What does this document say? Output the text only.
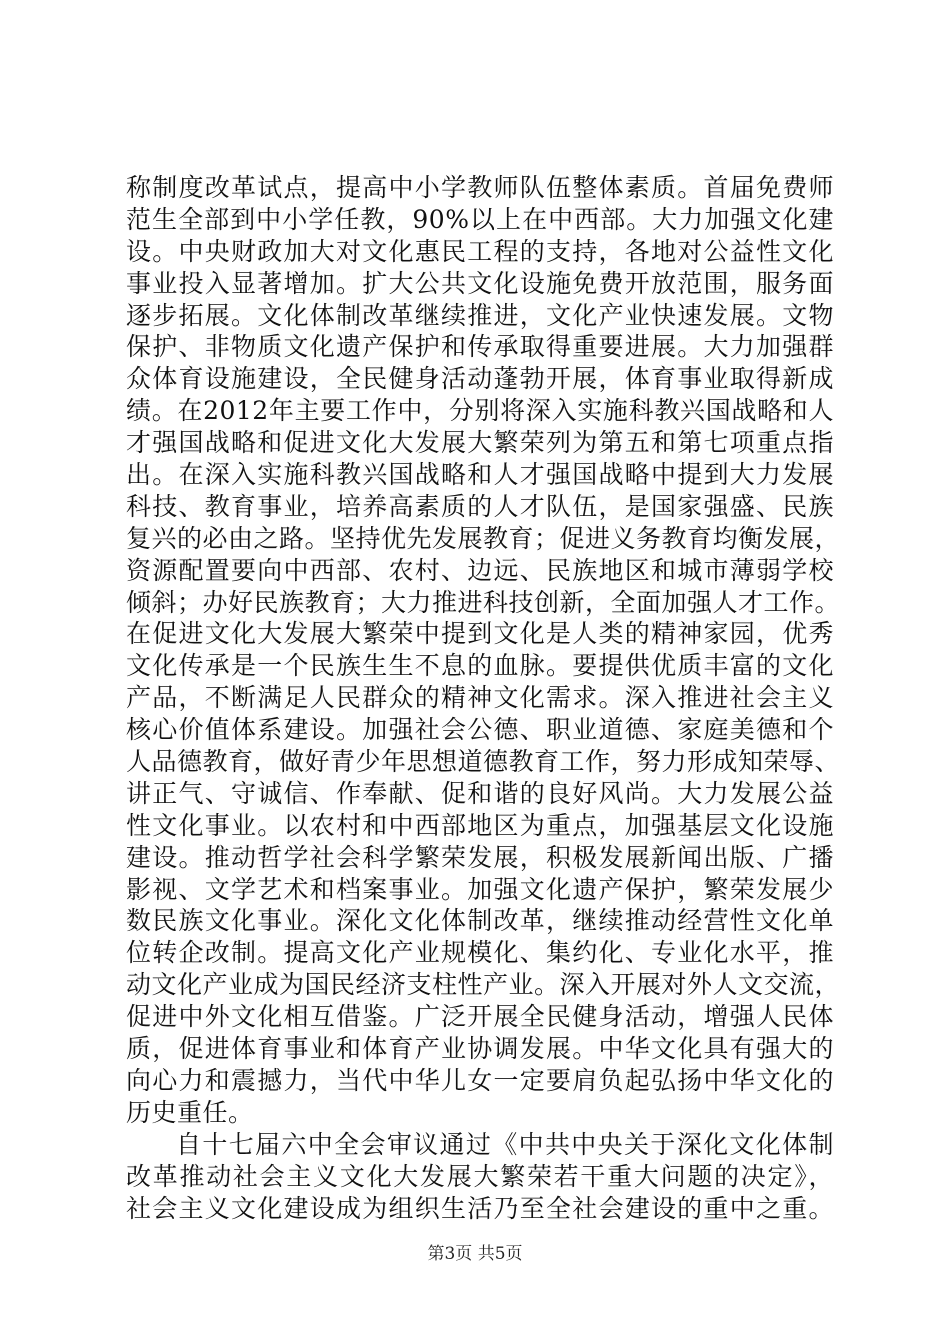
称制度改革试点，提高中小学教师队伍整体素质。首届免费师
范生全部到中小学任教，90%以上在中西部。大力加强文化建
设。中央财政加大对文化惠民工程的支持，各地对公益性文化
事业投入显著增加。扩大公共文化设施免费开放范围，服务面
逐步拓展。文化体制改革继续推进，文化产业快速发展。文物
保护、非物质文化遗产保护和传承取得重要进展。大力加强群
众体育设施建设，全民健身活动蓬勃开展，体育事业取得新成
绩。在2012年主要工作中，分别将深入实施科教兴国战略和人
才强国战略和促进文化大发展大繁荣列为第五和第七项重点指
出。在深入实施科教兴国战略和人才强国战略中提到大力发展
科技、教育事业，培养高素质的人才队伍，是国家强盛、民族
复兴的必由之路。坚持优先发展教育；促进义务教育均衡发展，
资源配置要向中西部、农村、边远、民族地区和城市薄弱学校
倾斜；办好民族教育；大力推进科技创新，全面加强人才工作。
在促进文化大发展大繁荣中提到文化是人类的精神家园，优秀
文化传承是一个民族生生不息的血脉。要提供优质丰富的文化
产品，不断满足人民群众的精神文化需求。深入推进社会主义
核心价值体系建设。加强社会公德、职业道德、家庭美德和个
人品德教育，做好青少年思想道德教育工作，努力形成知荣辱、
讲正气、守诚信、作奉献、促和谐的良好风尚。大力发展公益
性文化事业。以农村和中西部地区为重点，加强基层文化设施
建设。推动哲学社会科学繁荣发展，积极发展新闻出版、广播
影视、文学艺术和档案事业。加强文化遗产保护，繁荣发展少
数民族文化事业。深化文化体制改革，继续推动经营性文化单
位转企改制。提高文化产业规模化、集约化、专业化水平，推
动文化产业成为国民经济支柱性产业。深入开展对外人文交流，
促进中外文化相互借鉴。广泛开展全民健身活动，增强人民体
质，促进体育事业和体育产业协调发展。中华文化具有强大的
向心力和震撼力，当代中华儿女一定要肩负起弘扬中华文化的
历史重任。
自十七届六中全会审议通过《中共中央关于深化文化体制
改革推动社会主义文化大发展大繁荣若干重大问题的决定》，
社会主义文化建设成为组织生活乃至全社会建设的重中之重。
第3页 共5页
